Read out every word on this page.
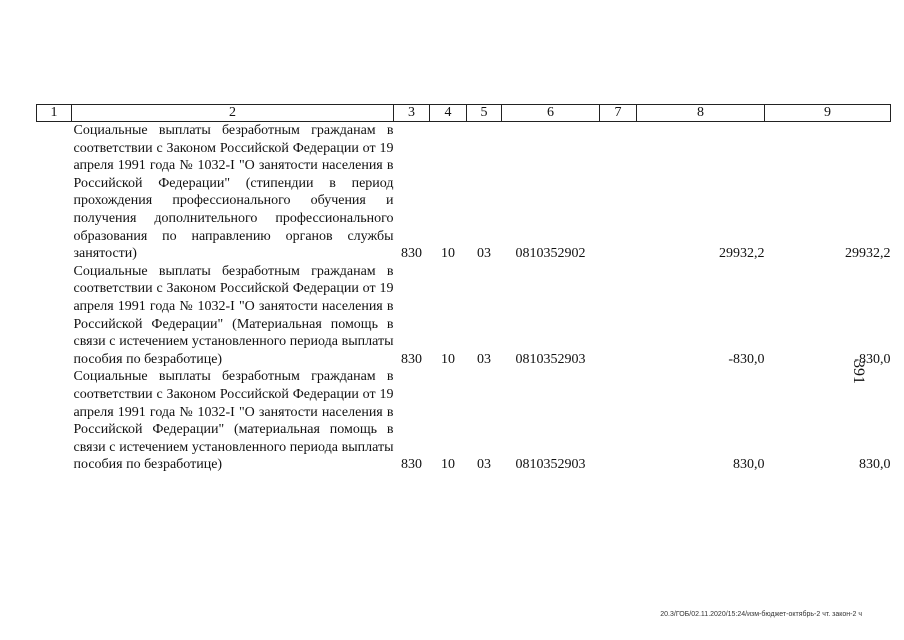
1	2	3	4	5	6	7	8	9
Социальные выплаты безработным гражданам в соответствии с Законом Российской Федерации от 19 апреля 1991 года № 1032-I "О занятости населения в Российской Федерации" (стипендии в период прохождения профессионального обучения и получения дополнительного профессионального образования по направлению органов службы занятости)		830	10	03	0810352902		29932,2	29932,2
Социальные выплаты безработным гражданам в соответствии с Законом Российской Федерации от 19 апреля 1991 года № 1032-I "О занятости населения в Российской Федерации" (Материальная помощь в связи с истечением установленного периода выплаты пособия по безработице)		830	10	03	0810352903		-830,0	-830,0
Социальные выплаты безработным гражданам в соответствии с Законом Российской Федерации от 19 апреля 1991 года № 1032-I "О занятости населения в Российской Федерации" (материальная помощь в связи с истечением установленного периода выплаты пособия по безработице)		830	10	03	0810352903		830,0	830,0
391
20.3/ГОБ/02.11.2020/15:24/изм-бюджет-октябрь-2 чт. закон-2 ч
